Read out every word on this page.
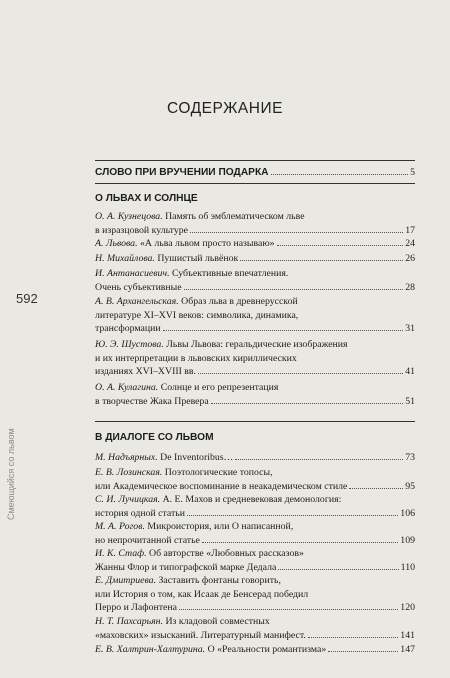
СОДЕРЖАНИЕ
592
Смеющийся со львом
СЛОВО ПРИ ВРУЧЕНИИ ПОДАРКА	5
О ЛЬВАХ И СОЛНЦЕ
О. А. Кузнецова. Память об эмблематическом льве
в изразцовой культуре	17
А. Львова. «А льва львом просто называю»	24
Н. Михайлова. Пушистый львёнок	26
И. Антанасиевич. Субъективные впечатления.
Очень субъективные	28
А. В. Архангельская. Образ льва в древнерусской
литературе XI–XVI веков: символика, динамика,
трансформации	31
Ю. Э. Шустова. Львы Львова: геральдические изображения
и их интерпретации в львовских кириллических
изданиях XVI–XVIII вв.	41
О. А. Кулагина. Солнце и его репрезентация
в творчестве Жака Превера	51
В ДИАЛОГЕ СО ЛЬВОМ
М. Надъярных. De Inventoribus…	73
Е. В. Лозинская. Поэтологические топосы,
или Академическое воспоминание в неакадемическом стиле	95
С. И. Лучицкая. А. Е. Махов и средневековая демонология:
история одной статьи	106
М. А. Рогов. Микроистория, или О написанной,
но непрочитанной статье	109
И. К. Стаф. Об авторстве «Любовных рассказов»
Жанны Флор и типографской марке Дедала	110
Е. Дмитриева. Заставить фонтаны говорить,
или История о том, как Исаак де Бенсерад победил
Перро и Лафонтена	120
Н. Т. Пахсарьян. Из кладовой совместных
«маховских» изысканий. Литературный манифест.	141
Е. В. Халтрин-Халтурина. О «Реальности романтизма»	147
